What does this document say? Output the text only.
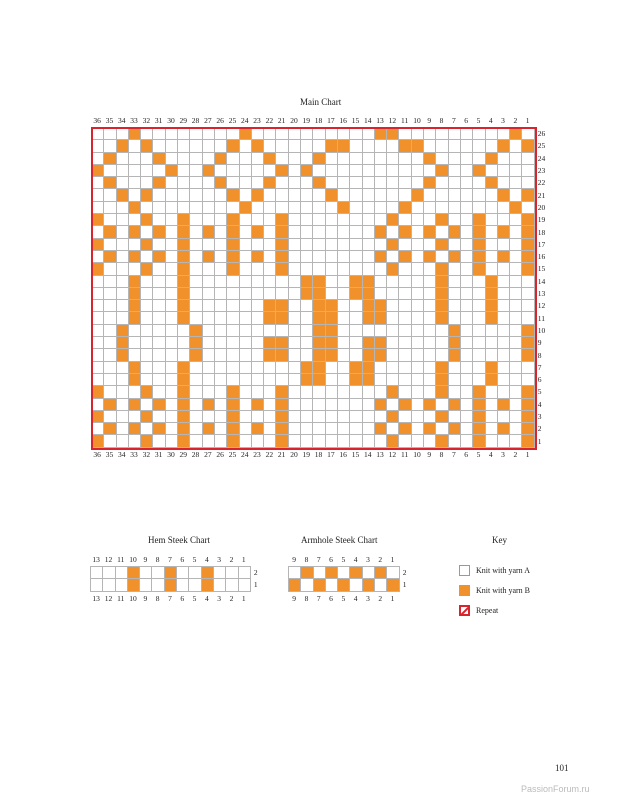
Main Chart
36 35 34 33 32 31 30 29 28 27 26 25 24 23 22 21 20 19 18 17 16 15 14 13 12 11 10 9	8	7	6	5	4	3	2	1
36 35 34 33 32 31 30 29 28 27 26 25 24 23 22 21 20 19 18 17 16 15 14 13 12 11 10 9	8	7	6	5	4	3	2	1
26
25
24
23
22
21
20
19
18
17
16
15
14
13
12
11
10
9
8
7
6
5
4
3
2
1
Hem Steek Chart
13 12 11 10 9	8	7	6	5	4	3	2	1
13 12 11 10 9	8	7	6	5	4	3	2	1
2
1
Armhole Steek Chart
9	8	7	6	5	4	3	2	1
9	8	7	6	5	4	3	2	1
2
1
Key
Knit with yarn A
Knit with yarn B
Repeat
101
PassionForum.ru
